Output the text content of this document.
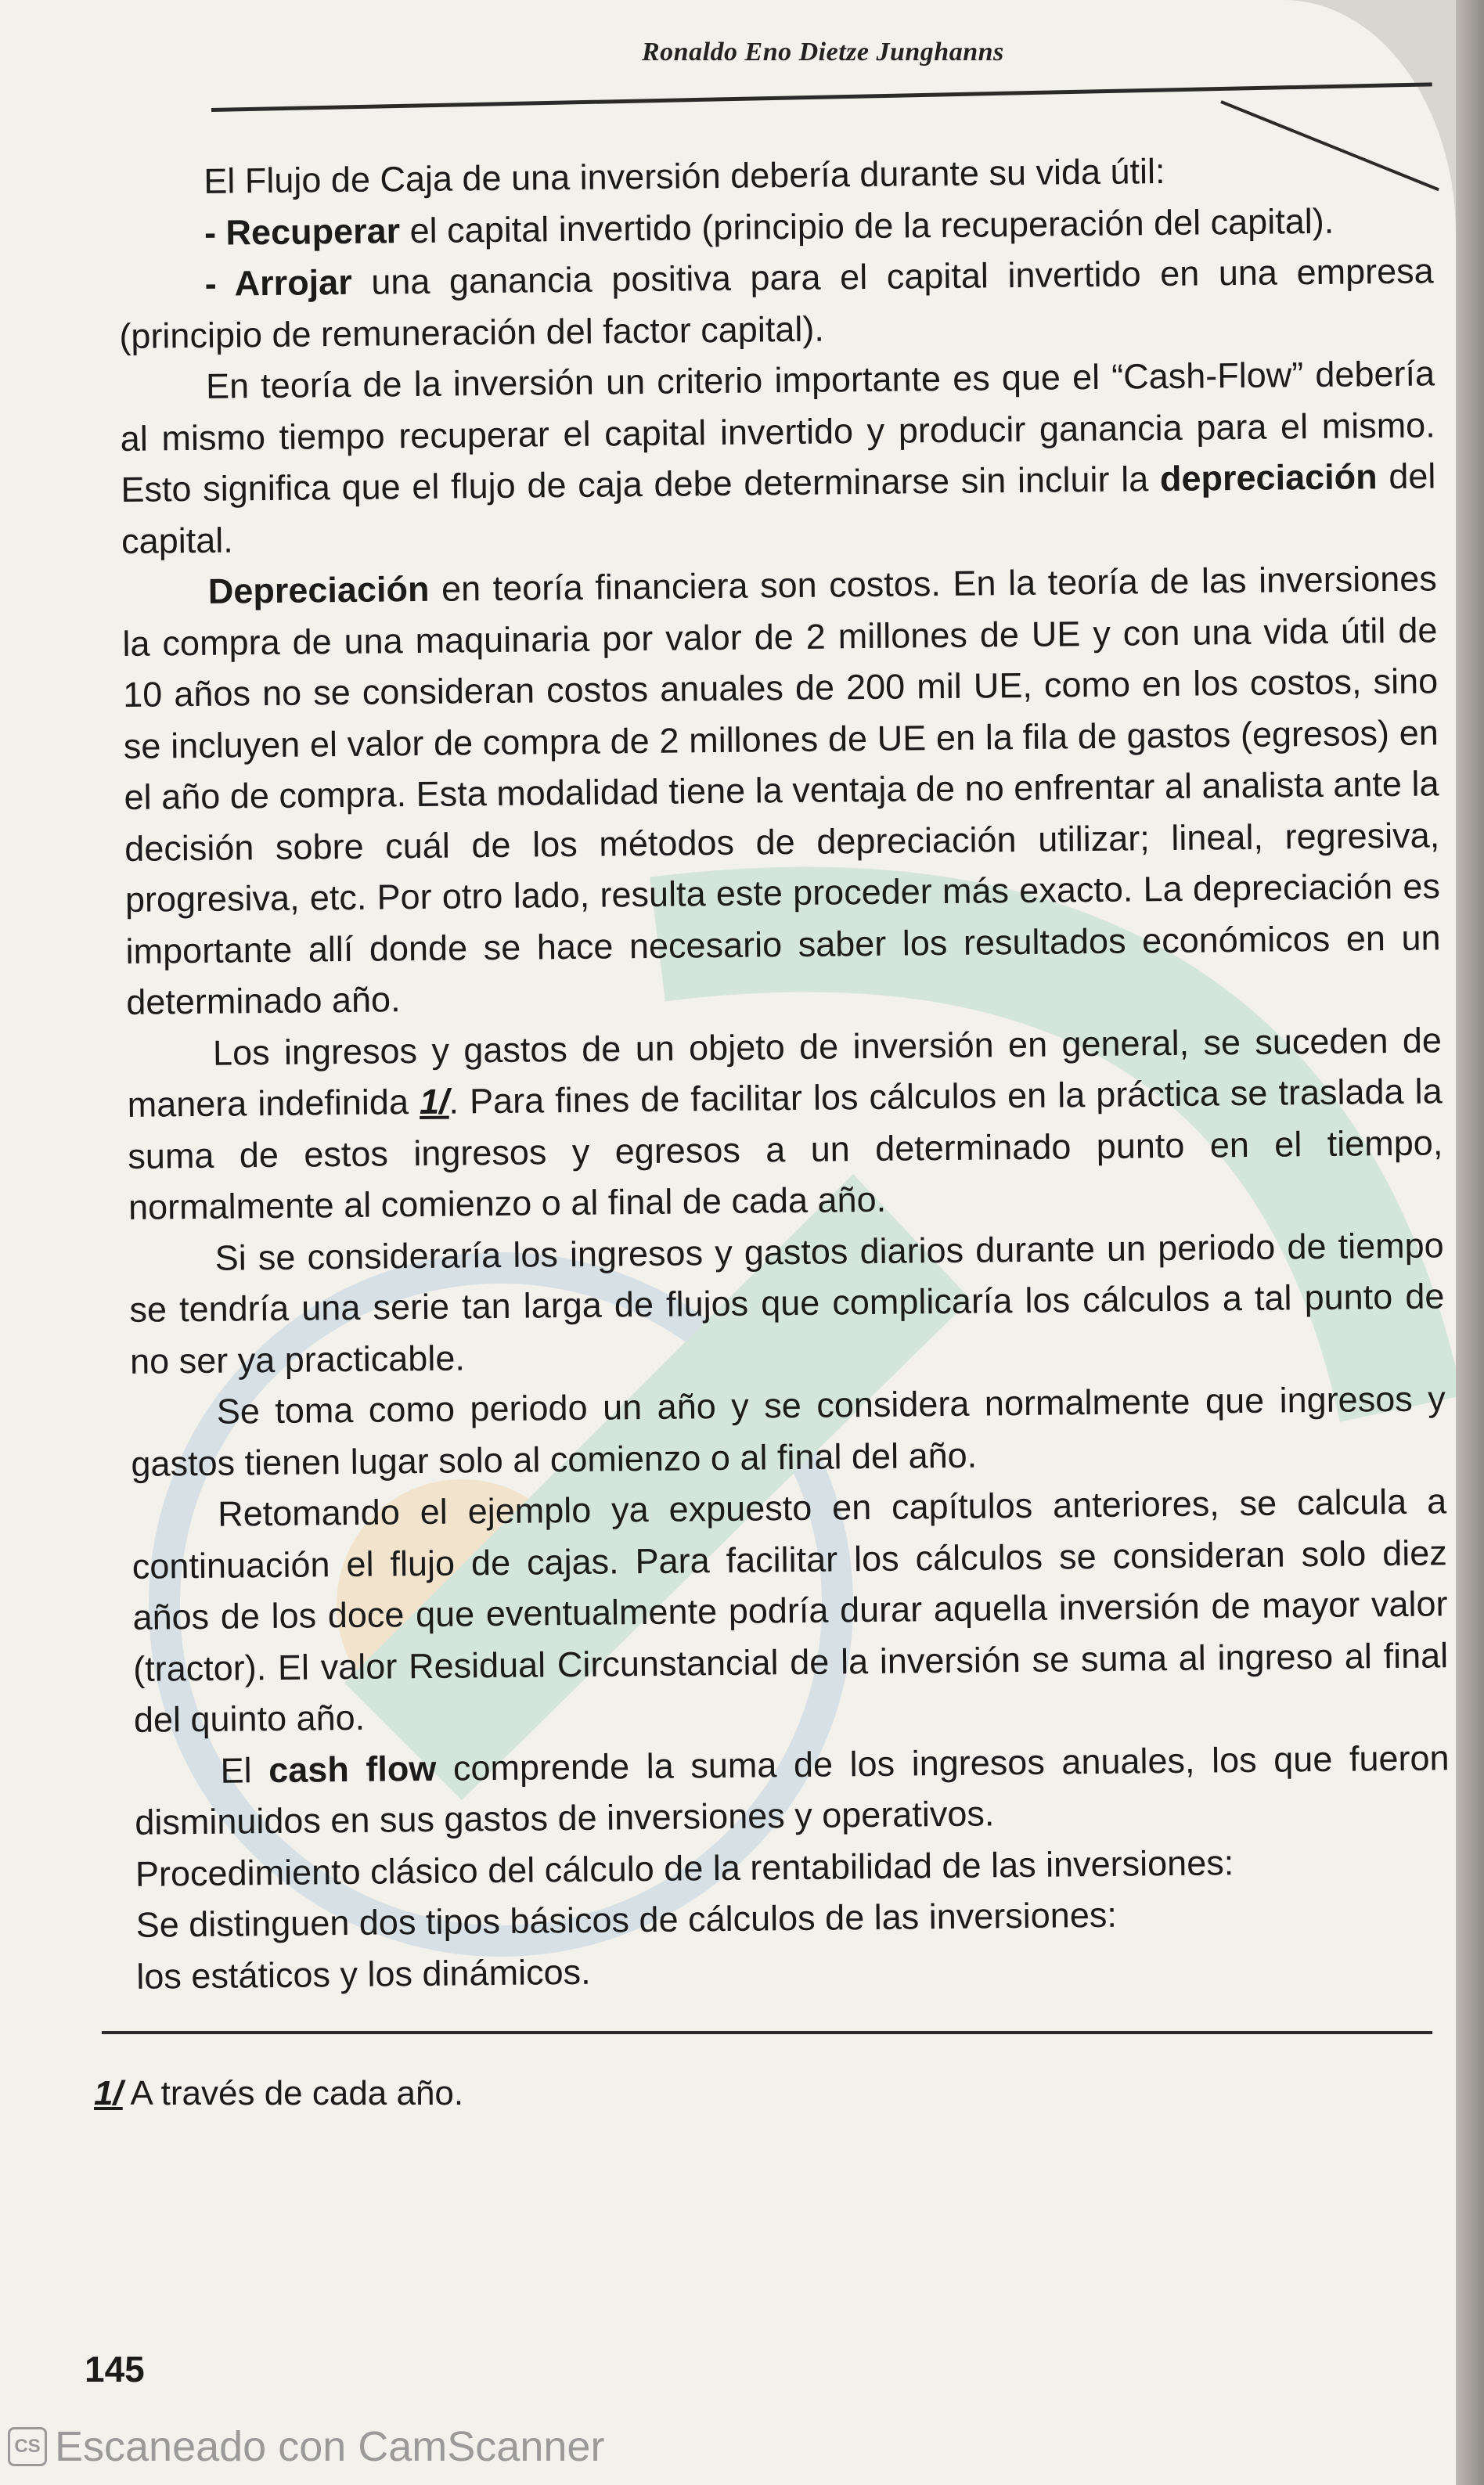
Ronaldo Eno Dietze Junghanns

El Flujo de Caja de una inversión debería durante su vida útil:

- Recuperar el capital invertido (principio de la recuperación del capital).

- Arrojar una ganancia positiva para el capital invertido en una empresa (principio de remuneración del factor capital).

En teoría de la inversión un criterio importante es que el “Cash-Flow” debería al mismo tiempo recuperar el capital invertido y producir ganancia para el mismo. Esto significa que el flujo de caja debe determinarse sin incluir la depreciación del capital.

Depreciación en teoría financiera son costos. En la teoría de las inversiones la compra de una maquinaria por valor de 2 millones de UE y con una vida útil de 10 años no se consideran costos anuales de 200 mil UE, como en los costos, sino se incluyen el valor de compra de 2 millones de UE en la fila de gastos (egresos) en el año de compra. Esta modalidad tiene la ventaja de no enfrentar al analista ante la decisión sobre cuál de los métodos de depreciación utilizar; lineal, regresiva, progresiva, etc. Por otro lado, resulta este proceder más exacto. La depreciación es importante allí donde se hace necesario saber los resultados económicos en un determinado año.

Los ingresos y gastos de un objeto de inversión en general, se suceden de manera indefinida 1/. Para fines de facilitar los cálculos en la práctica se traslada la suma de estos ingresos y egresos a un determinado punto en el tiempo, normalmente al comienzo o al final de cada año.

Si se consideraría los ingresos y gastos diarios durante un periodo de tiempo se tendría una serie tan larga de flujos que complicaría los cálculos a tal punto de no ser ya practicable.

Se toma como periodo un año y se considera normalmente que ingresos y gastos tienen lugar solo al comienzo o al final del año.

Retomando el ejemplo ya expuesto en capítulos anteriores, se calcula a continuación el flujo de cajas. Para facilitar los cálculos se consideran solo diez años de los doce que eventualmente podría durar aquella inversión de mayor valor (tractor). El valor Residual Circunstancial de la inversión se suma al ingreso al final del quinto año.

El cash flow comprende la suma de los ingresos anuales, los que fueron disminuidos en sus gastos de inversiones y operativos.

Procedimiento clásico del cálculo de la rentabilidad de las inversiones:

Se distinguen dos tipos básicos de cálculos de las inversiones:

los estáticos y los dinámicos.

1/ A través de cada año.
145
CS Escaneado con CamScanner
